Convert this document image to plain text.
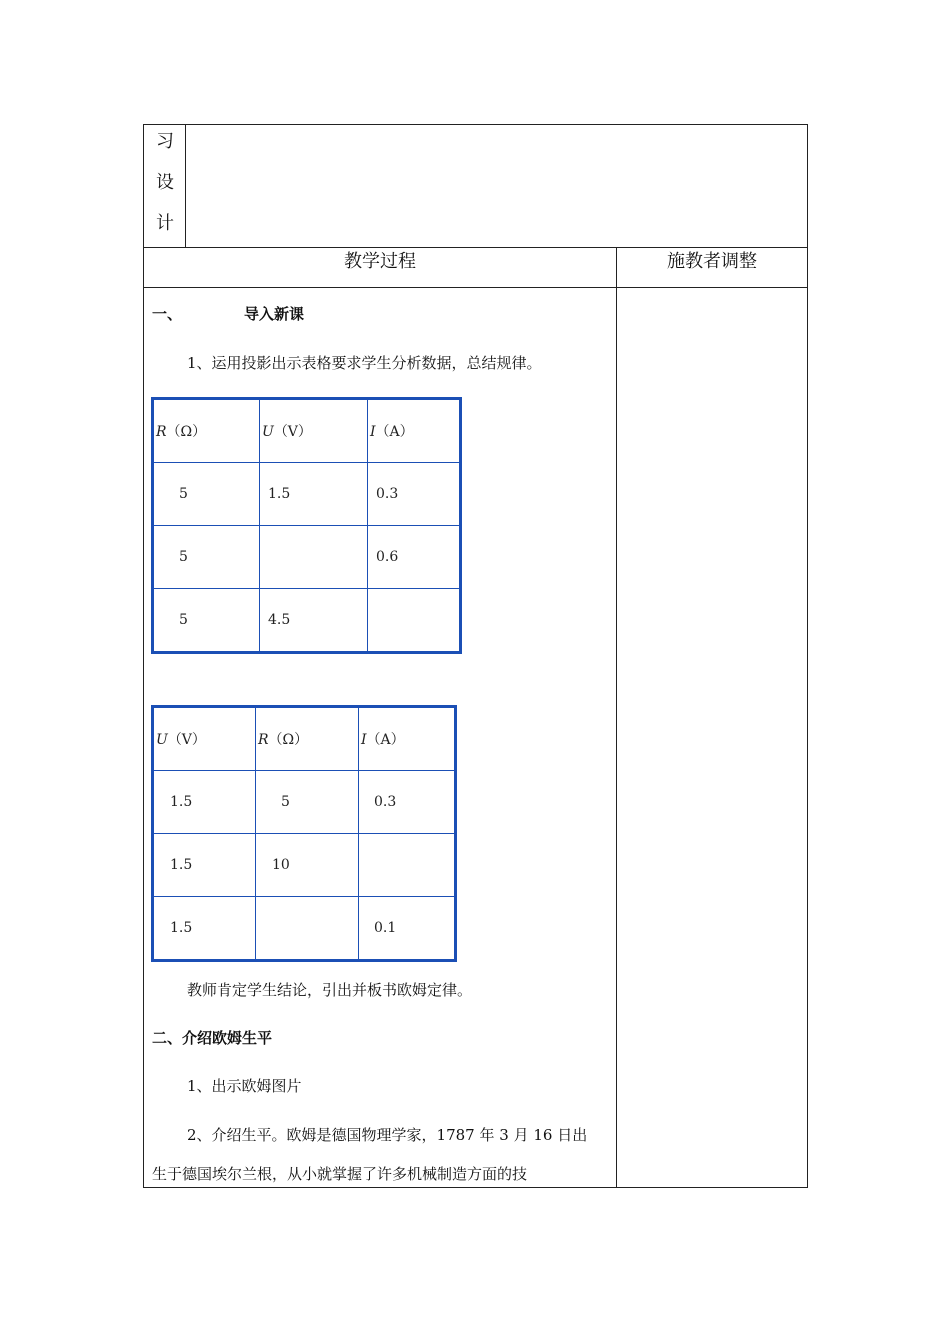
习
设
计
教学过程	施教者调整
一、	导入新课
1、运用投影出示表格要求学生分析数据，总结规律。
R（Ω）	U（V）	I（A）
5	1.5	0.3
5		0.6
5	4.5	
U（V）	R（Ω）	I（A）
1.5	5	0.3
1.5	10	
1.5		0.1
教师肯定学生结论，引出并板书欧姆定律。
二、介绍欧姆生平
1、出示欧姆图片
2、介绍生平。欧姆是德国物理学家，1787 年 3 月 16 日出
生于德国埃尔兰根，从小就掌握了许多机械制造方面的技
